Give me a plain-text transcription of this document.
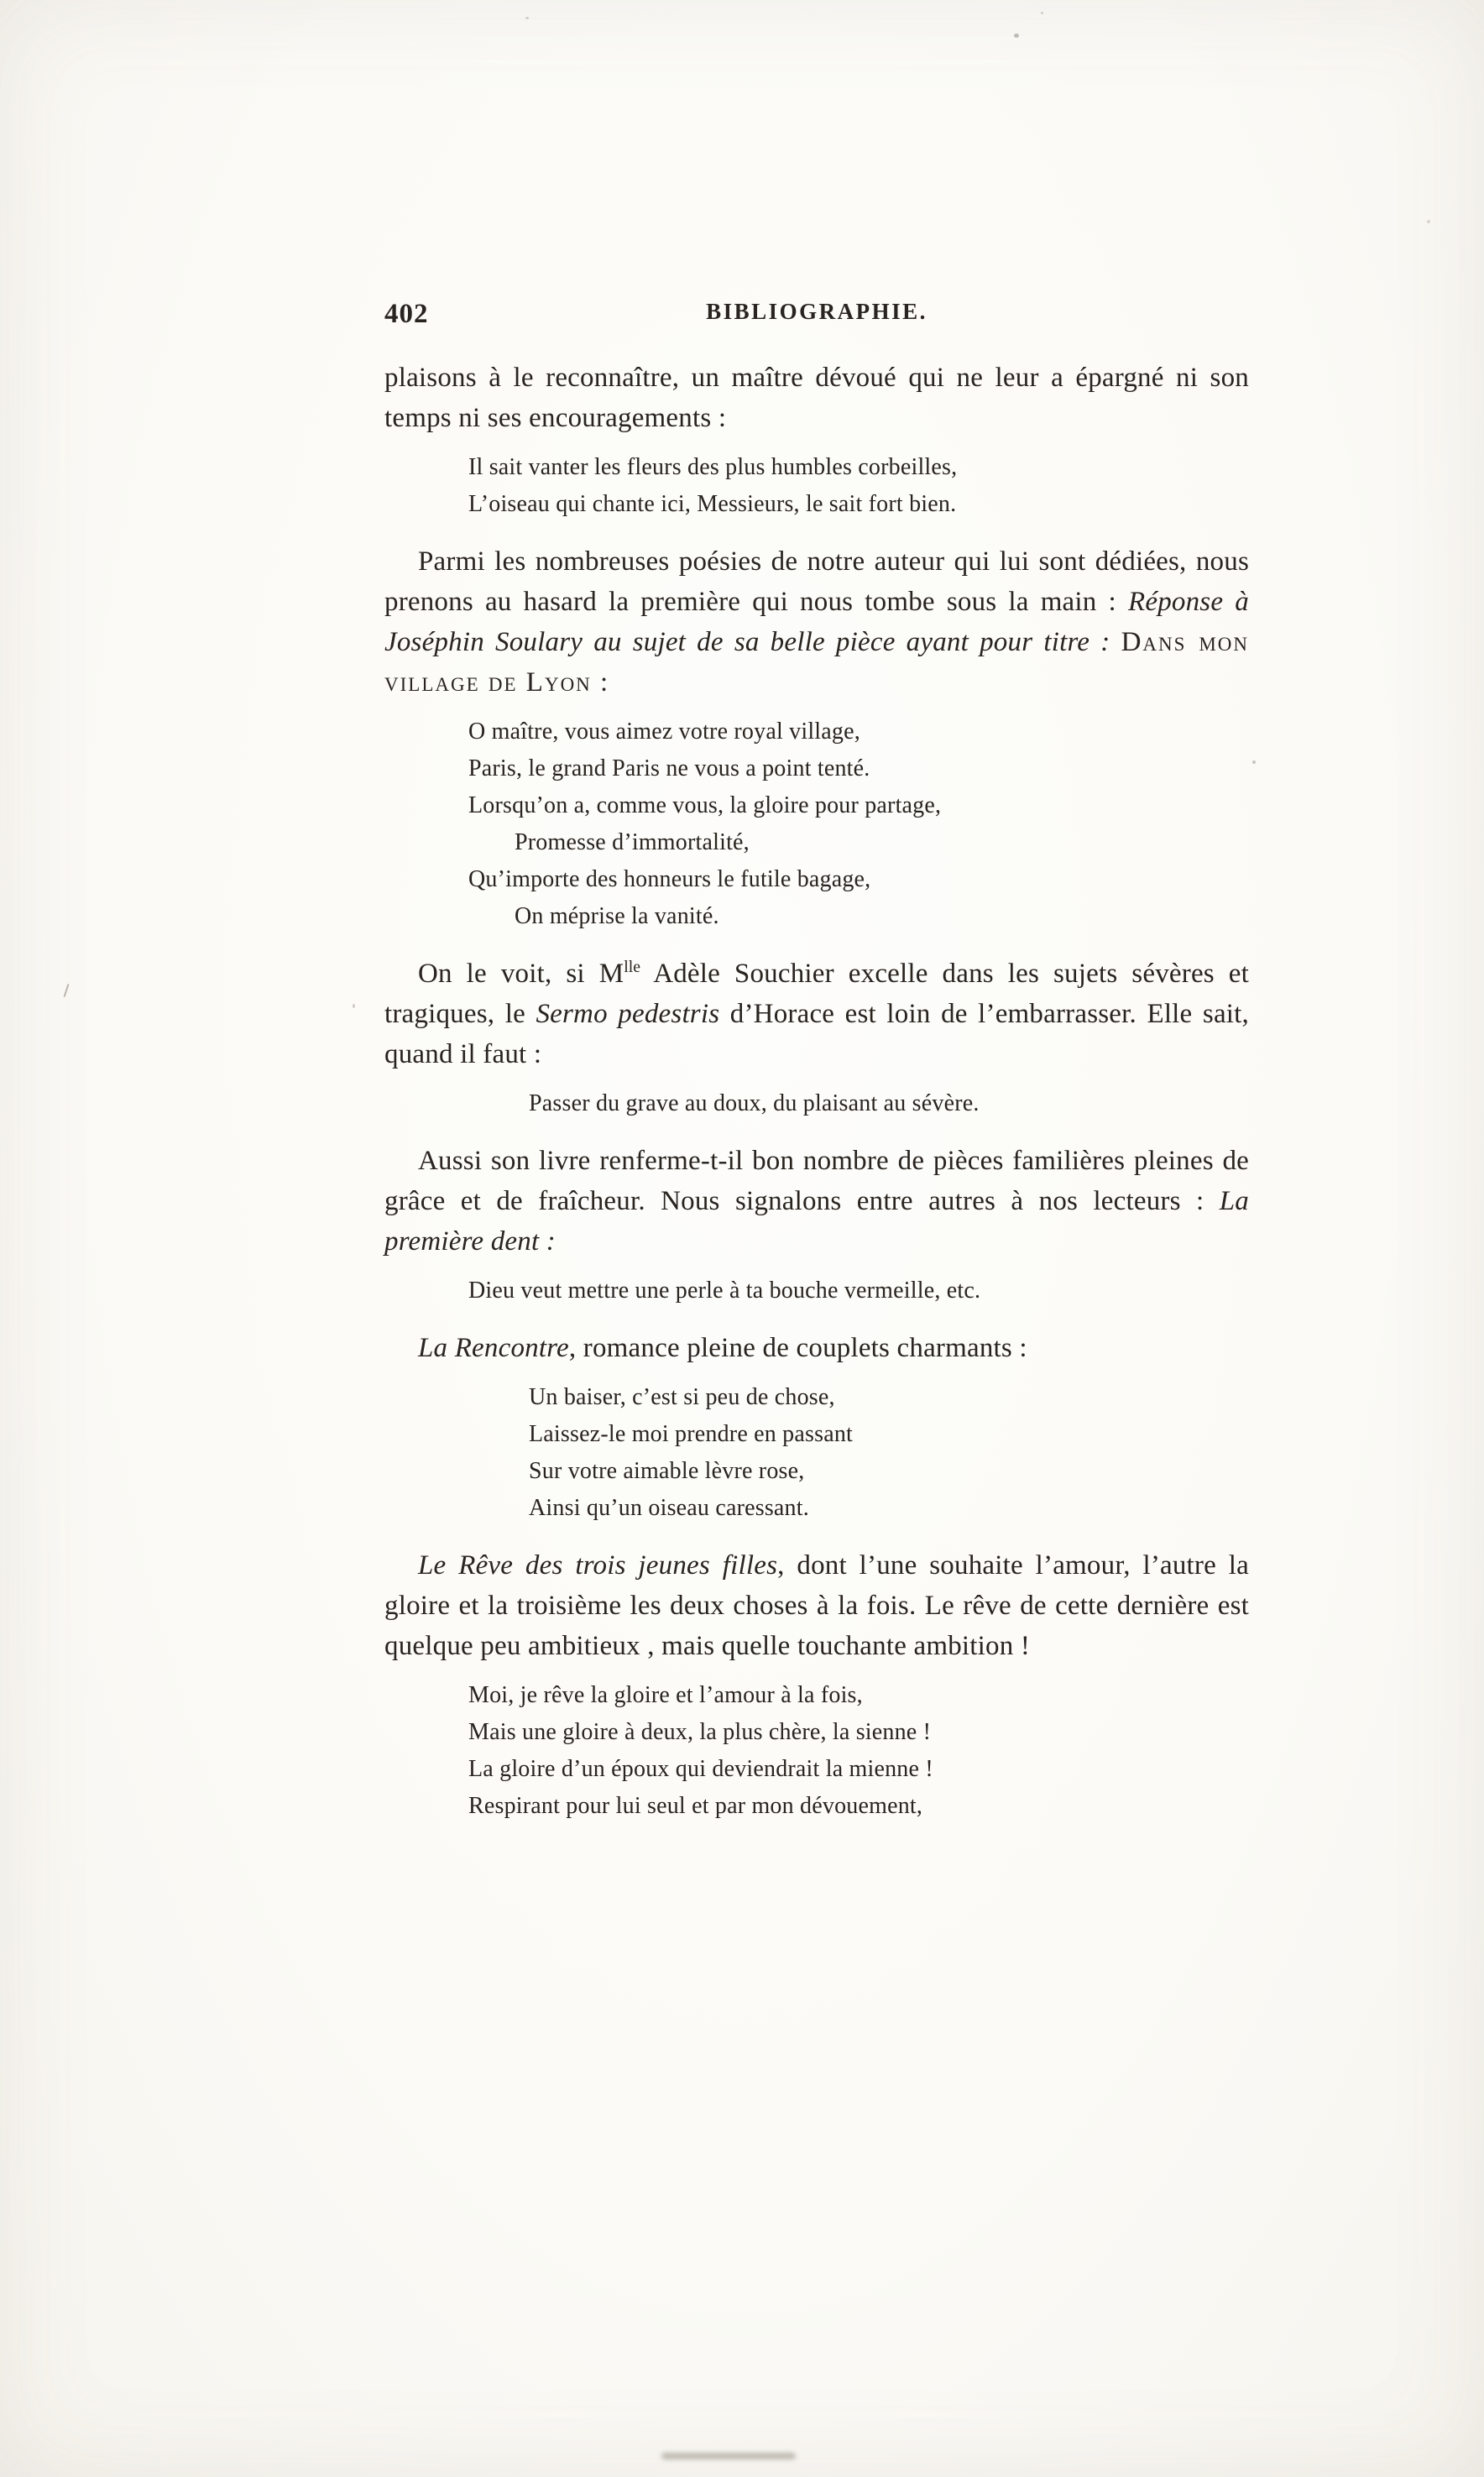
402	BIBLIOGRAPHIE.

plaisons à le reconnaître, un maître dévoué qui ne leur a épargné ni son temps ni ses encouragements :

Il sait vanter les fleurs des plus humbles corbeilles,
L’oiseau qui chante ici, Messieurs, le sait fort bien.

Parmi les nombreuses poésies de notre auteur qui lui sont dédiées, nous prenons au hasard la première qui nous tombe sous la main : Réponse à Joséphin Soulary au sujet de sa belle pièce ayant pour titre : Dans mon village de Lyon :

O maître, vous aimez votre royal village,
Paris, le grand Paris ne vous a point tenté.
Lorsqu’on a, comme vous, la gloire pour partage,
Promesse d’immortalité,
Qu’importe des honneurs le futile bagage,
On méprise la vanité.

On le voit, si $M^{lle}$ Adèle Souchier excelle dans les sujets sévères et tragiques, le Sermo pedestris d’Horace est loin de l’embarrasser. Elle sait, quand il faut :

Passer du grave au doux, du plaisant au sévère.

Aussi son livre renferme-t-il bon nombre de pièces familières pleines de grâce et de fraîcheur. Nous signalons entre autres à nos lecteurs : La première dent :

Dieu veut mettre une perle à ta bouche vermeille, etc.

La Rencontre, romance pleine de couplets charmants :

Un baiser, c’est si peu de chose,
Laissez-le moi prendre en passant
Sur votre aimable lèvre rose,
Ainsi qu’un oiseau caressant.

Le Rêve des trois jeunes filles, dont l’une souhaite l’amour, l’autre la gloire et la troisième les deux choses à la fois. Le rêve de cette dernière est quelque peu ambitieux , mais quelle touchante ambition !

Moi, je rêve la gloire et l’amour à la fois,
Mais une gloire à deux, la plus chère, la sienne !
La gloire d’un époux qui deviendrait la mienne !
Respirant pour lui seul et par mon dévouement,
